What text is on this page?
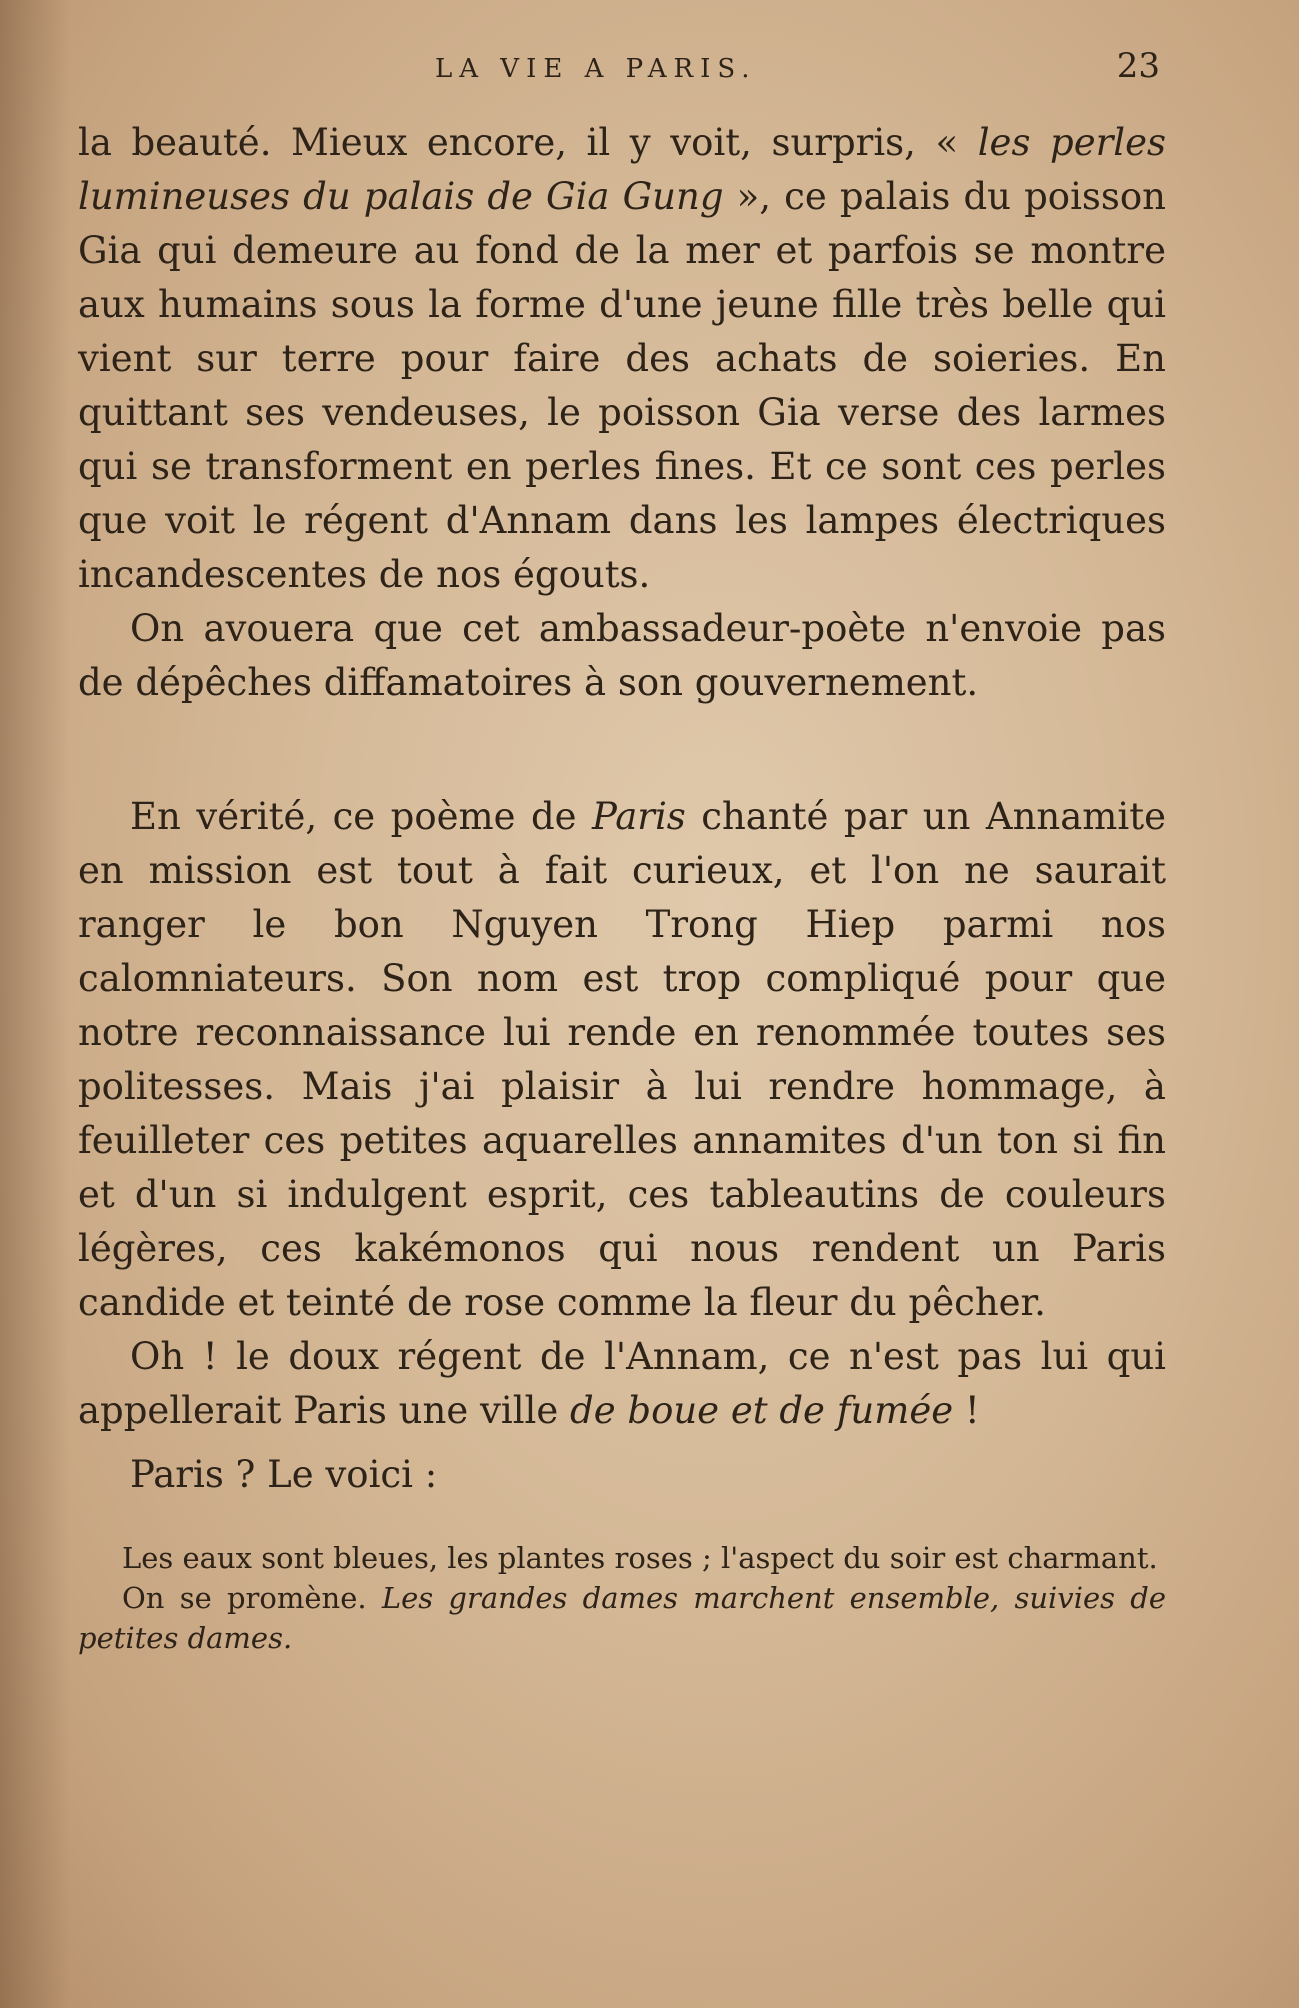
LA VIE A PARIS.	23

la beauté. Mieux encore, il y voit, surpris, « les perles lumineuses du palais de Gia Gung », ce palais du poisson Gia qui demeure au fond de la mer et parfois se montre aux humains sous la forme d'une jeune fille très belle qui vient sur terre pour faire des achats de soieries. En quittant ses vendeuses, le poisson Gia verse des larmes qui se transforment en perles fines. Et ce sont ces perles que voit le régent d'Annam dans les lampes électriques incandescentes de nos égouts.

On avouera que cet ambassadeur-poète n'envoie pas de dépêches diffamatoires à son gouvernement.

En vérité, ce poème de Paris chanté par un Annamite en mission est tout à fait curieux, et l'on ne saurait ranger le bon Nguyen Trong Hiep parmi nos calomniateurs. Son nom est trop compliqué pour que notre reconnaissance lui rende en renommée toutes ses politesses. Mais j'ai plaisir à lui rendre hommage, à feuilleter ces petites aquarelles annamites d'un ton si fin et d'un si indulgent esprit, ces tableautins de couleurs légères, ces kakémonos qui nous rendent un Paris candide et teinté de rose comme la fleur du pêcher.

Oh ! le doux régent de l'Annam, ce n'est pas lui qui appellerait Paris une ville de boue et de fumée !

Paris ? Le voici :

Les eaux sont bleues, les plantes roses ; l'aspect du soir est charmant.

On se promène. Les grandes dames marchent ensemble, suivies de petites dames.
